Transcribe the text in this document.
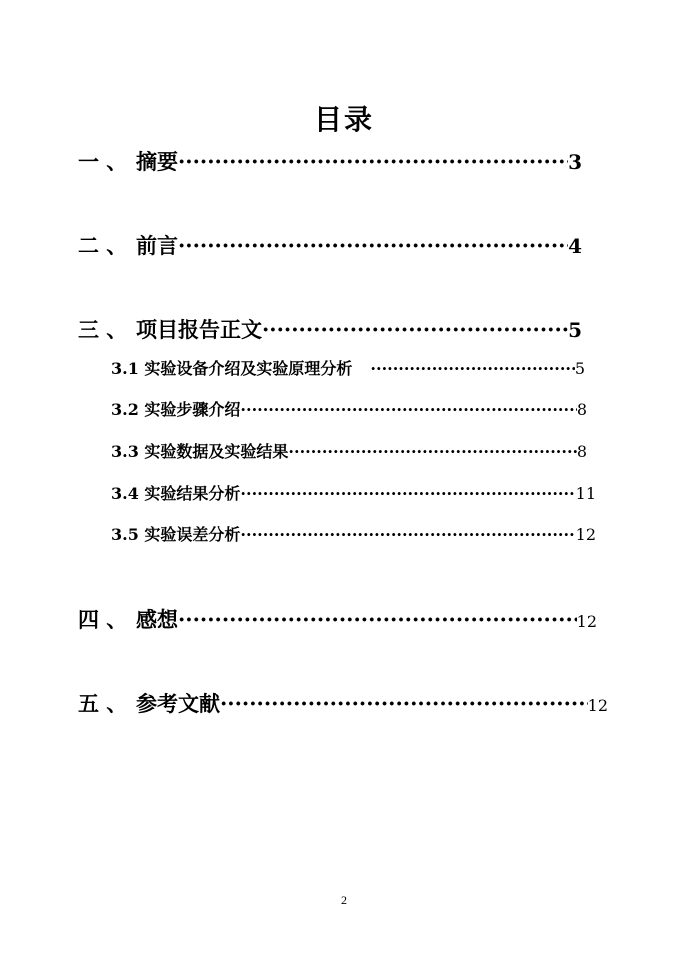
目录
一 、 摘要 ·····	3
二 、 前言 ·····	4
三 、 项目报告正文 ·····	5
3.1 实验设备介绍及实验原理分析 ·····	5
3.2 实验步骤介绍 ·····	8
3.3 实验数据及实验结果 ·····	8
3.4 实验结果分析 ·····	11
3.5 实验误差分析 ·····	12
四 、 感想 ·····	12
五 、 参考文献 ·····	12
2
